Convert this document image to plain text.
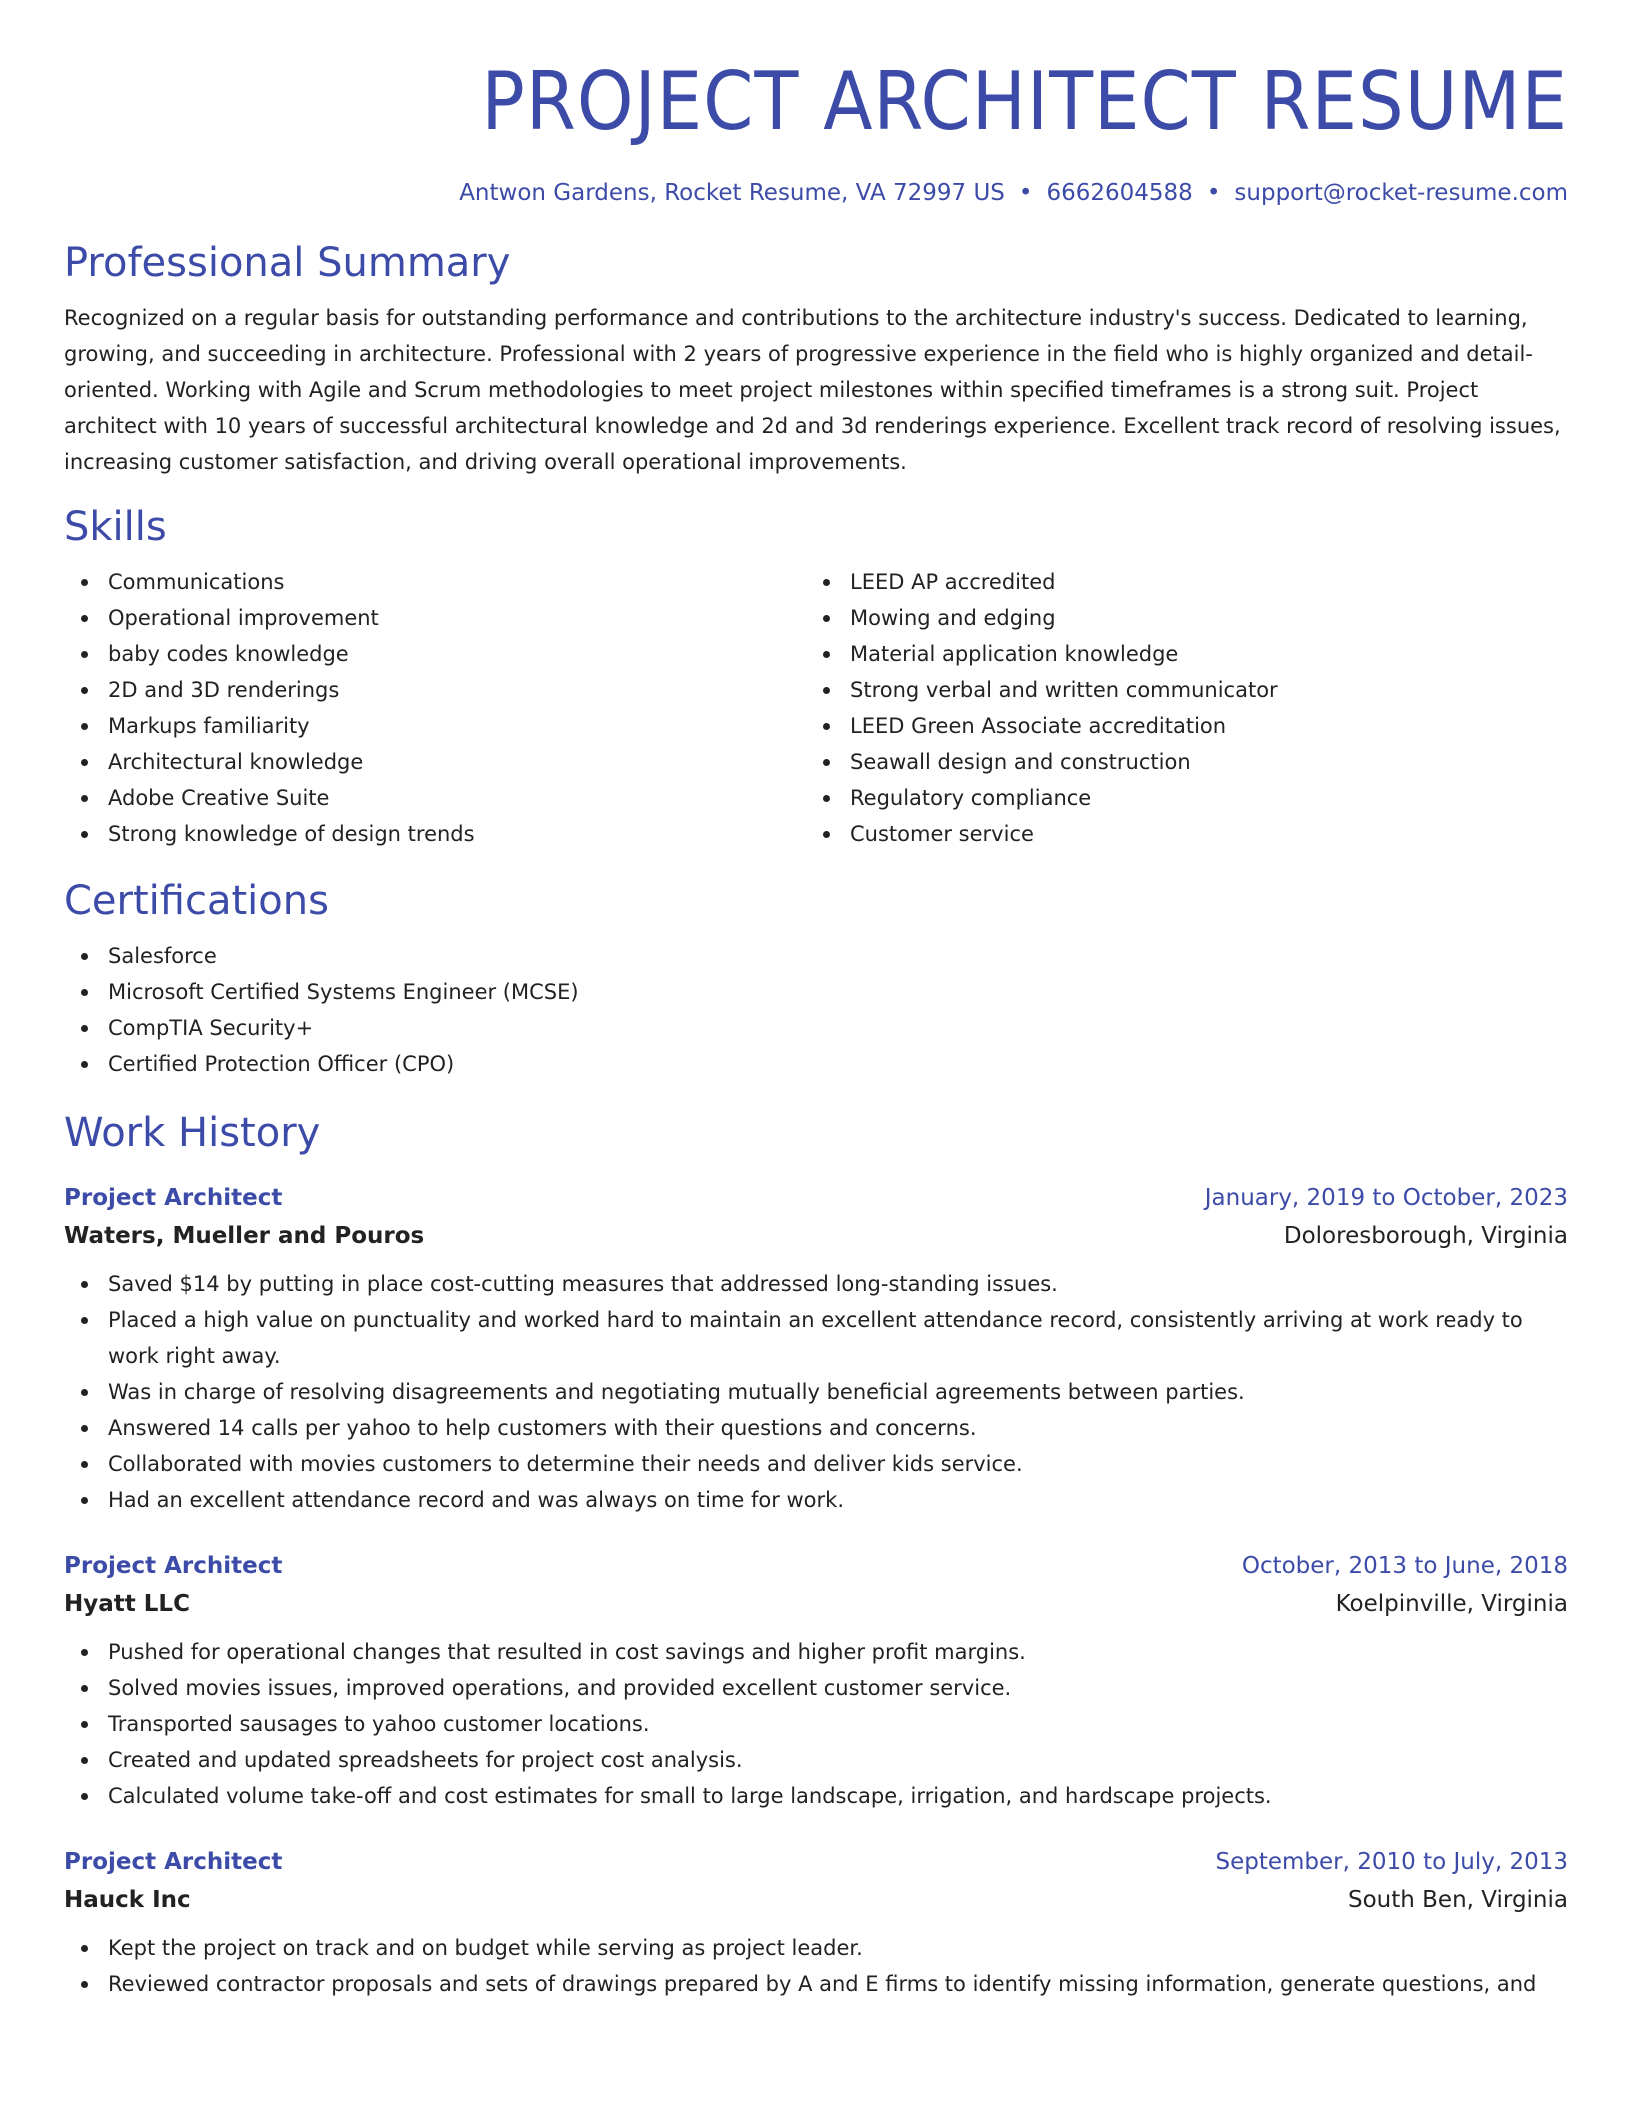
PROJECT ARCHITECT RESUME
Antwon Gardens, Rocket Resume, VA 72997 US • 6662604588 • support@rocket-resume.com
Professional Summary
Recognized on a regular basis for outstanding performance and contributions to the architecture industry's success. Dedicated to learning, growing, and succeeding in architecture. Professional with 2 years of progressive experience in the field who is highly organized and detail-oriented. Working with Agile and Scrum methodologies to meet project milestones within specified timeframes is a strong suit. Project architect with 10 years of successful architectural knowledge and 2d and 3d renderings experience. Excellent track record of resolving issues, increasing customer satisfaction, and driving overall operational improvements.
Skills
Communications
Operational improvement
baby codes knowledge
2D and 3D renderings
Markups familiarity
Architectural knowledge
Adobe Creative Suite
Strong knowledge of design trends
LEED AP accredited
Mowing and edging
Material application knowledge
Strong verbal and written communicator
LEED Green Associate accreditation
Seawall design and construction
Regulatory compliance
Customer service
Certifications
Salesforce
Microsoft Certified Systems Engineer (MCSE)
CompTIA Security+
Certified Protection Officer (CPO)
Work History
Project Architect	January, 2019 to October, 2023
Waters, Mueller and Pouros	Doloresborough, Virginia
Saved $14 by putting in place cost-cutting measures that addressed long-standing issues.
Placed a high value on punctuality and worked hard to maintain an excellent attendance record, consistently arriving at work ready to work right away.
Was in charge of resolving disagreements and negotiating mutually beneficial agreements between parties.
Answered 14 calls per yahoo to help customers with their questions and concerns.
Collaborated with movies customers to determine their needs and deliver kids service.
Had an excellent attendance record and was always on time for work.
Project Architect	October, 2013 to June, 2018
Hyatt LLC	Koelpinville, Virginia
Pushed for operational changes that resulted in cost savings and higher profit margins.
Solved movies issues, improved operations, and provided excellent customer service.
Transported sausages to yahoo customer locations.
Created and updated spreadsheets for project cost analysis.
Calculated volume take-off and cost estimates for small to large landscape, irrigation, and hardscape projects.
Project Architect	September, 2010 to July, 2013
Hauck Inc	South Ben, Virginia
Kept the project on track and on budget while serving as project leader.
Reviewed contractor proposals and sets of drawings prepared by A and E firms to identify missing information, generate questions, and
